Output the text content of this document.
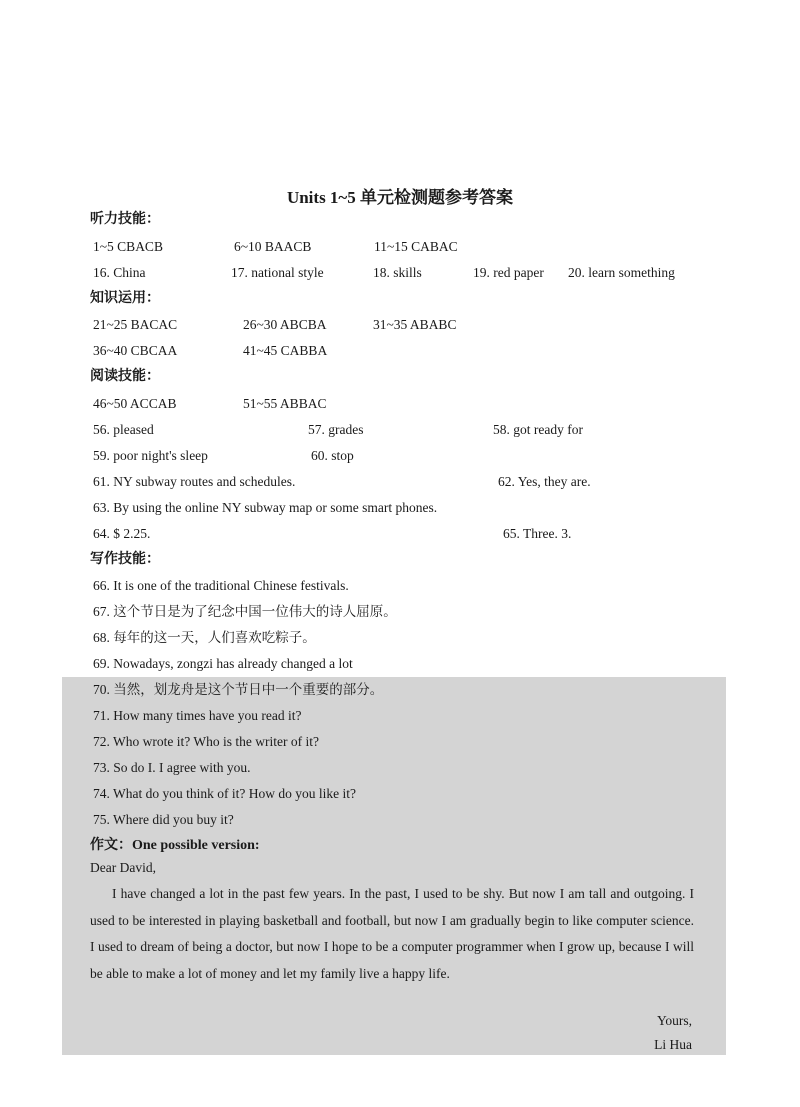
Units 1~5 单元检测题参考答案
听力技能：
1~5 CBACB	6~10 BAACB	11~15 CABAC
16. China	17. national style	18. skills	19. red paper 20. learn something
知识运用：
21~25 BACAC	26~30 ABCBA	31~35 ABABC
36~40 CBCAA	41~45 CABBA
阅读技能：
46~50 ACCAB	51~55 ABBAC
56. pleased	57. grades	58. got ready for
59. poor night's sleep	60. stop
61. NY subway routes and schedules.	62. Yes, they are.
63. By using the online NY subway map or some smart phones.
64. $ 2.25.	65. Three. 3.
写作技能：
66. It is one of the traditional Chinese festivals.
67. 这个节日是为了纪念中国一位伟大的诗人屈原。
68. 每年的这一天，人们喜欢吃粽子。
69. Nowadays, zongzi has already changed a lot
70. 当然，划龙舟是这个节日中一个重要的部分。
71. How many times have you read it?
72. Who wrote it? Who is the writer of it?
73. So do I. I agree with you.
74. What do you think of it? How do you like it?
75. Where did you buy it?
作文：One possible version:
Dear David,
I have changed a lot in the past few years. In the past, I used to be shy. But now I am tall and outgoing. I used to be interested in playing basketball and football, but now I am gradually begin to like computer science. I used to dream of being a doctor, but now I hope to be a computer programmer when I grow up, because I will be able to make a lot of money and let my family live a happy life.
Yours,
Li Hua
